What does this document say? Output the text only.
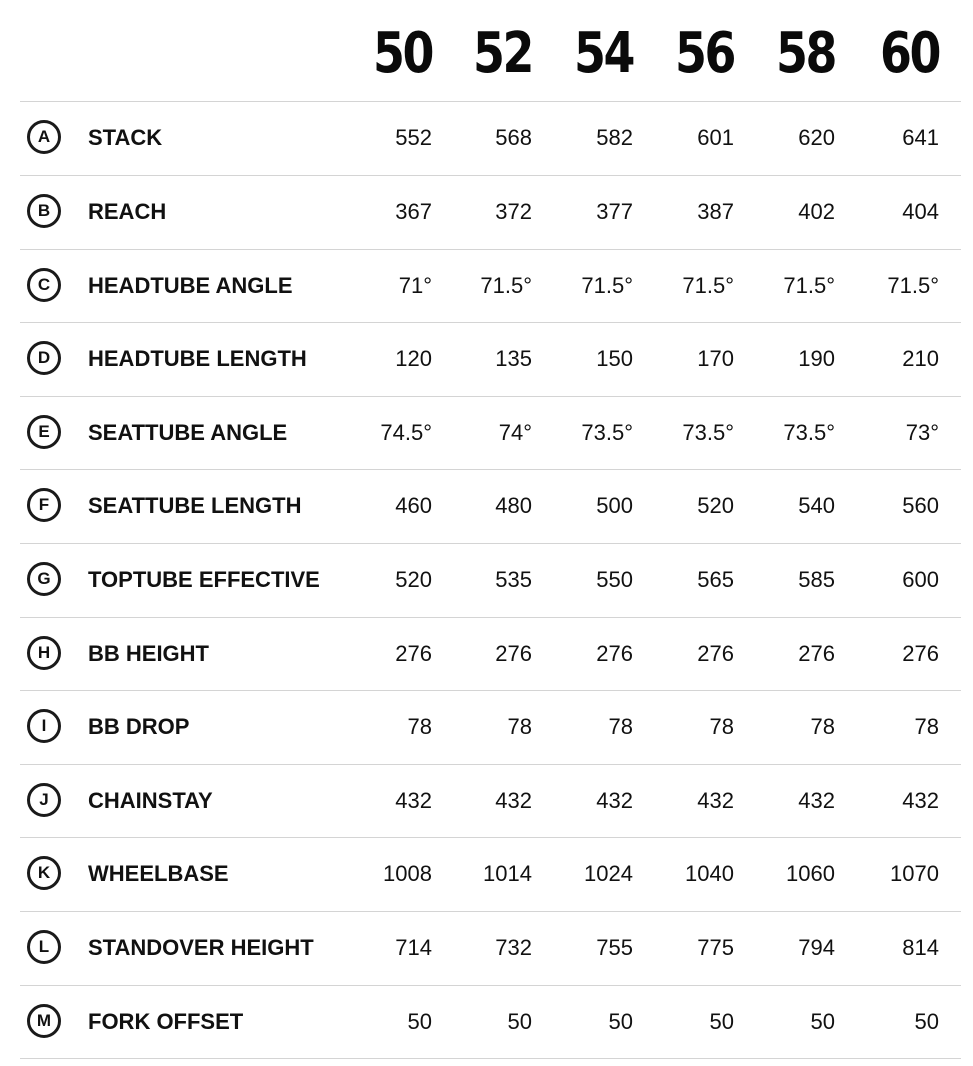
50 52 54 56 58 60
A	STACK	552	568	582	601	620	641
B	REACH	367	372	377	387	402	404
C	HEADTUBE ANGLE	71°	71.5°	71.5°	71.5°	71.5°	71.5°
D	HEADTUBE LENGTH	120	135	150	170	190	210
E	SEATTUBE ANGLE	74.5°	74°	73.5°	73.5°	73.5°	73°
F	SEATTUBE LENGTH	460	480	500	520	540	560
G	TOPTUBE EFFECTIVE	520	535	550	565	585	600
H	BB HEIGHT	276	276	276	276	276	276
I	BB DROP	78	78	78	78	78	78
J	CHAINSTAY	432	432	432	432	432	432
K	WHEELBASE	1008	1014	1024	1040	1060	1070
L	STANDOVER HEIGHT	714	732	755	775	794	814
M	FORK OFFSET	50	50	50	50	50	50
